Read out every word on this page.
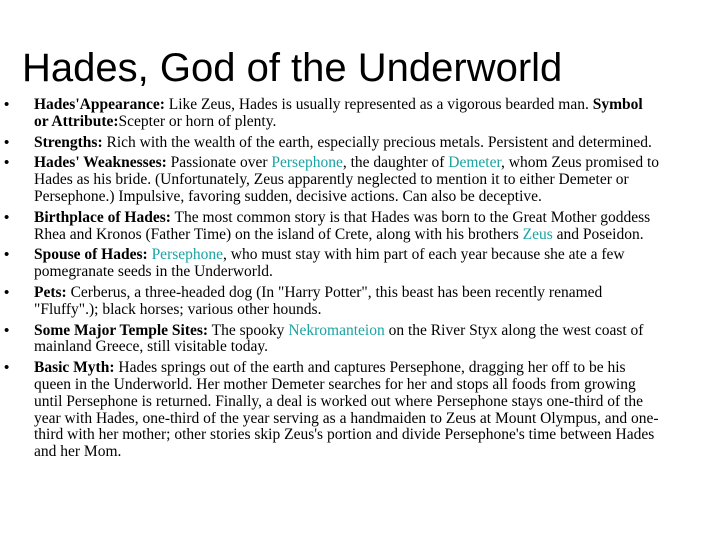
Hades, God of the Underworld
• Hades'Appearance: Like Zeus, Hades is usually represented as a vigorous bearded man. Symbol or Attribute:Scepter or horn of plenty.
• Strengths: Rich with the wealth of the earth, especially precious metals. Persistent and determined.
• Hades' Weaknesses: Passionate over Persephone, the daughter of Demeter, whom Zeus promised to Hades as his bride. (Unfortunately, Zeus apparently neglected to mention it to either Demeter or Persephone.) Impulsive, favoring sudden, decisive actions. Can also be deceptive.
• Birthplace of Hades: The most common story is that Hades was born to the Great Mother goddess Rhea and Kronos (Father Time) on the island of Crete, along with his brothers Zeus and Poseidon.
• Spouse of Hades: Persephone, who must stay with him part of each year because she ate a few pomegranate seeds in the Underworld.
• Pets: Cerberus, a three-headed dog (In "Harry Potter", this beast has been recently renamed "Fluffy".); black horses; various other hounds.
• Some Major Temple Sites: The spooky Nekromanteion on the River Styx along the west coast of mainland Greece, still visitable today.
• Basic Myth: Hades springs out of the earth and captures Persephone, dragging her off to be his queen in the Underworld. Her mother Demeter searches for her and stops all foods from growing until Persephone is returned. Finally, a deal is worked out where Persephone stays one-third of the year with Hades, one-third of the year serving as a handmaiden to Zeus at Mount Olympus, and one-third with her mother; other stories skip Zeus's portion and divide Persephone's time between Hades and her Mom.
